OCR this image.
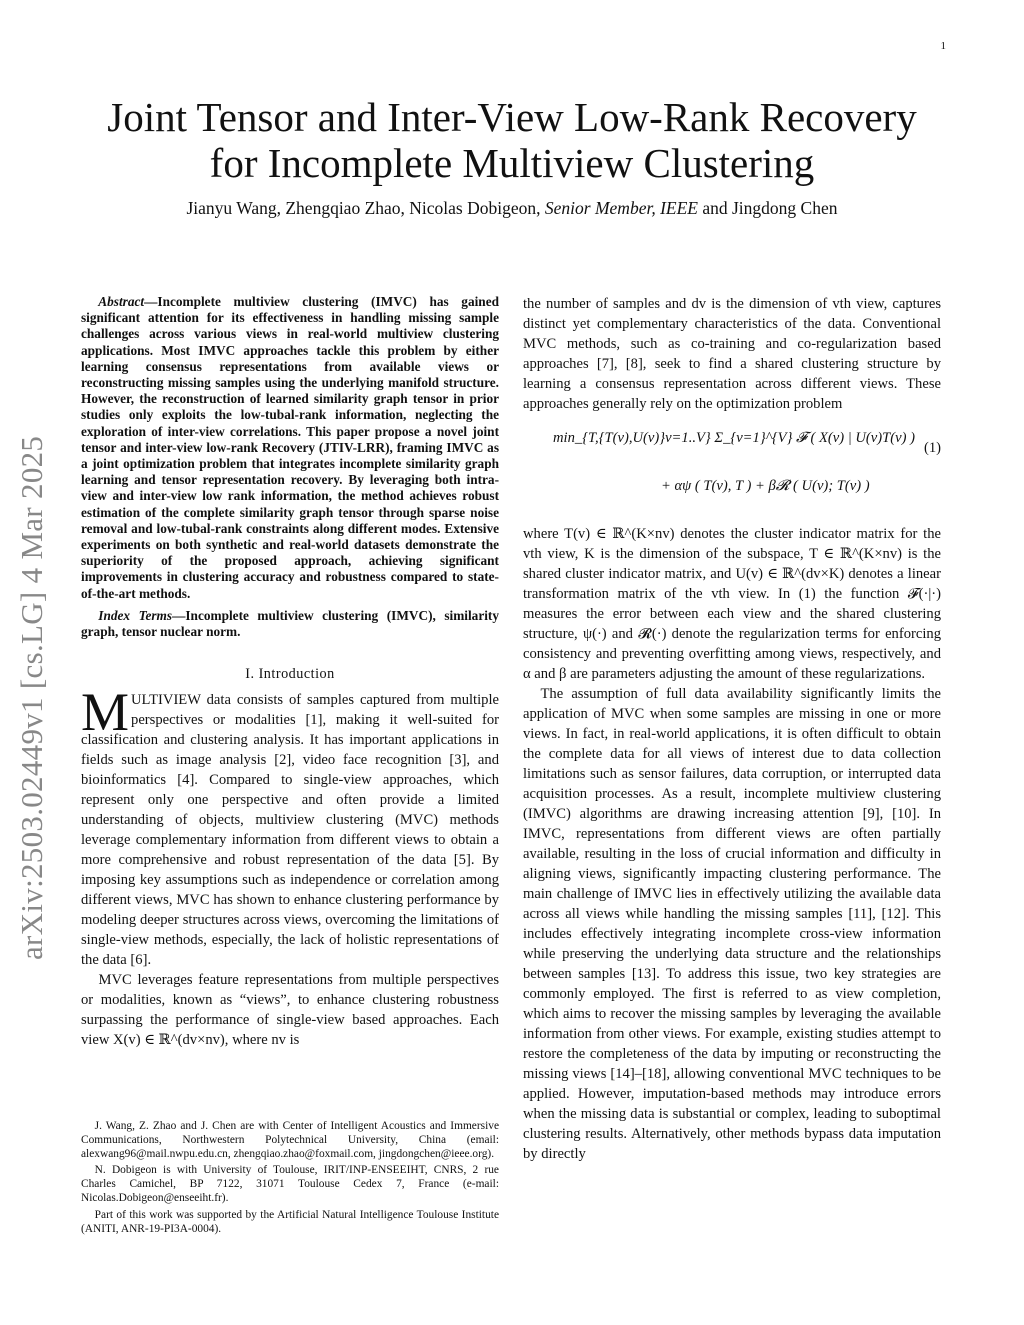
1
arXiv:2503.02449v1 [cs.LG] 4 Mar 2025
Joint Tensor and Inter-View Low-Rank Recovery
for Incomplete Multiview Clustering
Jianyu Wang, Zhengqiao Zhao, Nicolas Dobigeon, Senior Member, IEEE and Jingdong Chen

Abstract—Incomplete multiview clustering (IMVC) has gained significant attention for its effectiveness in handling missing sample challenges across various views in real-world multiview clustering applications. Most IMVC approaches tackle this problem by either learning consensus representations from available views or reconstructing missing samples using the underlying manifold structure. However, the reconstruction of learned similarity graph tensor in prior studies only exploits the low-tubal-rank information, neglecting the exploration of inter-view correlations. This paper propose a novel joint tensor and inter-view low-rank Recovery (JTIV-LRR), framing IMVC as a joint optimization problem that integrates incomplete similarity graph learning and tensor representation recovery. By leveraging both intra-view and inter-view low rank information, the method achieves robust estimation of the complete similarity graph tensor through sparse noise removal and low-tubal-rank constraints along different modes. Extensive experiments on both synthetic and real-world datasets demonstrate the superiority of the proposed approach, achieving significant improvements in clustering accuracy and robustness compared to state-of-the-art methods.

Index Terms—Incomplete multiview clustering (IMVC), similarity graph, tensor nuclear norm.

I. Introduction

MULTIVIEW data consists of samples captured from multiple perspectives or modalities [1], making it well-suited for classification and clustering analysis. It has important applications in fields such as image analysis [2], video face recognition [3], and bioinformatics [4]. Compared to single-view approaches, which represent only one perspective and often provide a limited understanding of objects, multiview clustering (MVC) methods leverage complementary information from different views to obtain a more comprehensive and robust representation of the data [5]. By imposing key assumptions such as independence or correlation among different views, MVC has shown to enhance clustering performance by modeling deeper structures across views, overcoming the limitations of single-view methods, especially, the lack of holistic representations of the data [6].

MVC leverages feature representations from multiple perspectives or modalities, known as “views”, to enhance clustering robustness surpassing the performance of single-view based approaches. Each view X(v) ∈ ℝ^(dv×nv), where nv is

J. Wang, Z. Zhao and J. Chen are with Center of Intelligent Acoustics and Immersive Communications, Northwestern Polytechnical University, China (email: alexwang96@mail.nwpu.edu.cn, zhengqiao.zhao@foxmail.com, jingdongchen@ieee.org).

N. Dobigeon is with University of Toulouse, IRIT/INP-ENSEEIHT, CNRS, 2 rue Charles Camichel, BP 7122, 31071 Toulouse Cedex 7, France (e-mail: Nicolas.Dobigeon@enseeiht.fr).

Part of this work was supported by the Artificial Natural Intelligence Toulouse Institute (ANITI, ANR-19-PI3A-0004).

the number of samples and dv is the dimension of vth view, captures distinct yet complementary characteristics of the data. Conventional MVC methods, such as co-training and co-regularization based approaches [7], [8], seek to find a shared clustering structure by learning a consensus representation across different views. These approaches generally rely on the optimization problem

min_{T,{T(v),U(v)}v=1..V} Σ_{v=1}^{V} 𝓕 ( X(v) | U(v)T(v) )
(1)
+ αψ ( T(v), T ) + β𝓡 ( U(v); T(v) )

where T(v) ∈ ℝ^(K×nv) denotes the cluster indicator matrix for the vth view, K is the dimension of the subspace, T ∈ ℝ^(K×nv) is the shared cluster indicator matrix, and U(v) ∈ ℝ^(dv×K) denotes a linear transformation matrix of the vth view. In (1) the function 𝓕(·|·) measures the error between each view and the shared clustering structure, ψ(·) and 𝓡(·) denote the regularization terms for enforcing consistency and preventing overfitting among views, respectively, and α and β are parameters adjusting the amount of these regularizations.

The assumption of full data availability significantly limits the application of MVC when some samples are missing in one or more views. In fact, in real-world applications, it is often difficult to obtain the complete data for all views of interest due to data collection limitations such as sensor failures, data corruption, or interrupted data acquisition processes. As a result, incomplete multiview clustering (IMVC) algorithms are drawing increasing attention [9], [10]. In IMVC, representations from different views are often partially available, resulting in the loss of crucial information and difficulty in aligning views, significantly impacting clustering performance. The main challenge of IMVC lies in effectively utilizing the available data across all views while handling the missing samples [11], [12]. This includes effectively integrating incomplete cross-view information while preserving the underlying data structure and the relationships between samples [13]. To address this issue, two key strategies are commonly employed. The first is referred to as view completion, which aims to recover the missing samples by leveraging the available information from other views. For example, existing studies attempt to restore the completeness of the data by imputing or reconstructing the missing views [14]–[18], allowing conventional MVC techniques to be applied. However, imputation-based methods may introduce errors when the missing data is substantial or complex, leading to suboptimal clustering results. Alternatively, other methods bypass data imputation by directly
